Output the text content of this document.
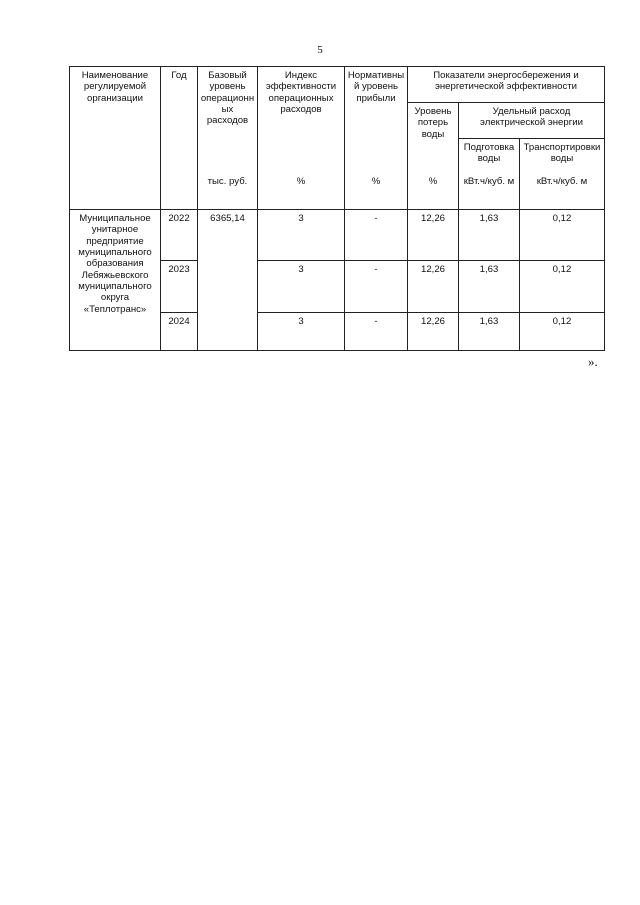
5
Наименование регулируемой организации	Год	Базовый уровень операционных расходов	Индекс эффективности операционных расходов	Нормативный уровень прибыли	Показатели энергосбережения и энергетической эффективности		
					Уровень потерь воды	Удельный расход электрической энергии	
						Подготовка воды	Транспортировки воды
		тыс. руб.	%	%	%	кВт.ч/куб. м	кВт.ч/куб. м
Муниципальное унитарное предприятие муниципального образования Лебяжьевского муниципального округа «Теплотранс»	2022	6365,14	3	-	12,26	1,63	0,12
	2023		3	-	12,26	1,63	0,12
	2024		3	-	12,26	1,63	0,12
».
